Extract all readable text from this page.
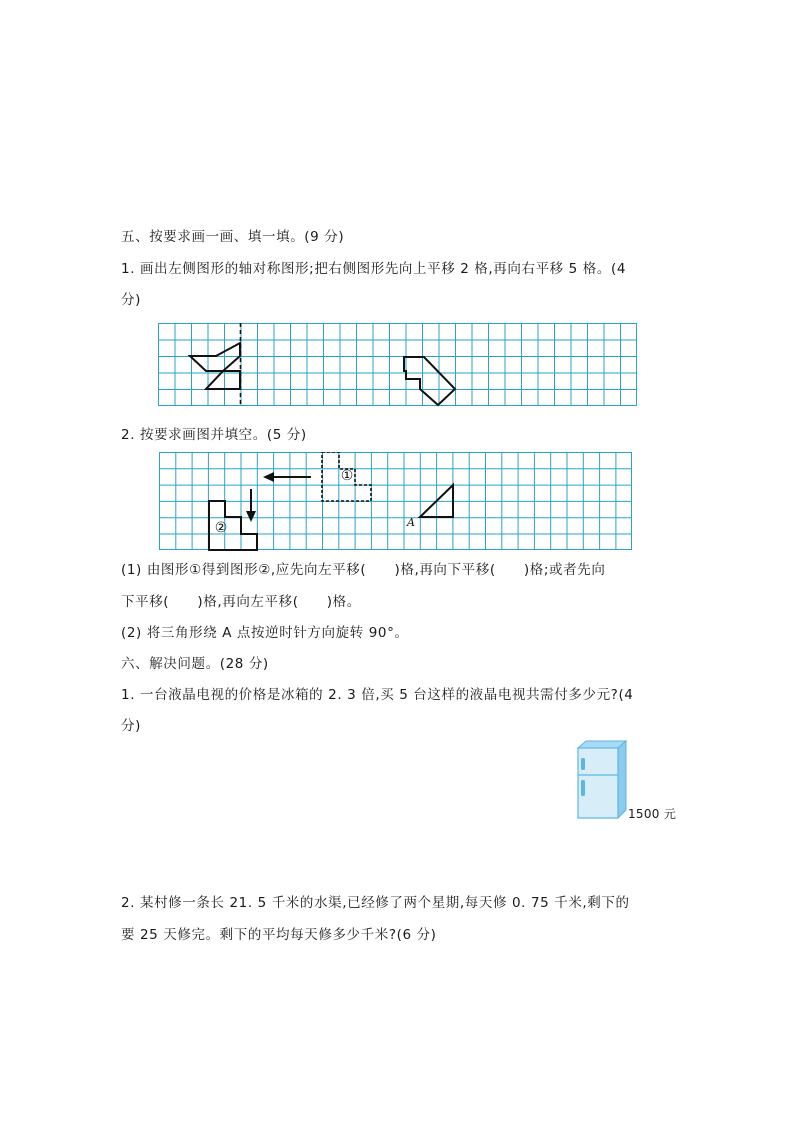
五、按要求画一画、填一填。(9 分)
1. 画出左侧图形的轴对称图形;把右侧图形先向上平移 2 格,再向右平移 5 格。(4
分)
2. 按要求画图并填空。(5 分)
①
②	A
(1) 由图形①得到图形②,应先向左平移(　　)格,再向下平移(　　)格;或者先向
下平移(　　)格,再向左平移(　　)格。
(2) 将三角形绕 A 点按逆时针方向旋转 90°。
六、解决问题。(28 分)
1. 一台液晶电视的价格是冰箱的 2. 3 倍,买 5 台这样的液晶电视共需付多少元?(4
分)
1500 元
2. 某村修一条长 21. 5 千米的水渠,已经修了两个星期,每天修 0. 75 千米,剩下的
要 25 天修完。剩下的平均每天修多少千米?(6 分)
